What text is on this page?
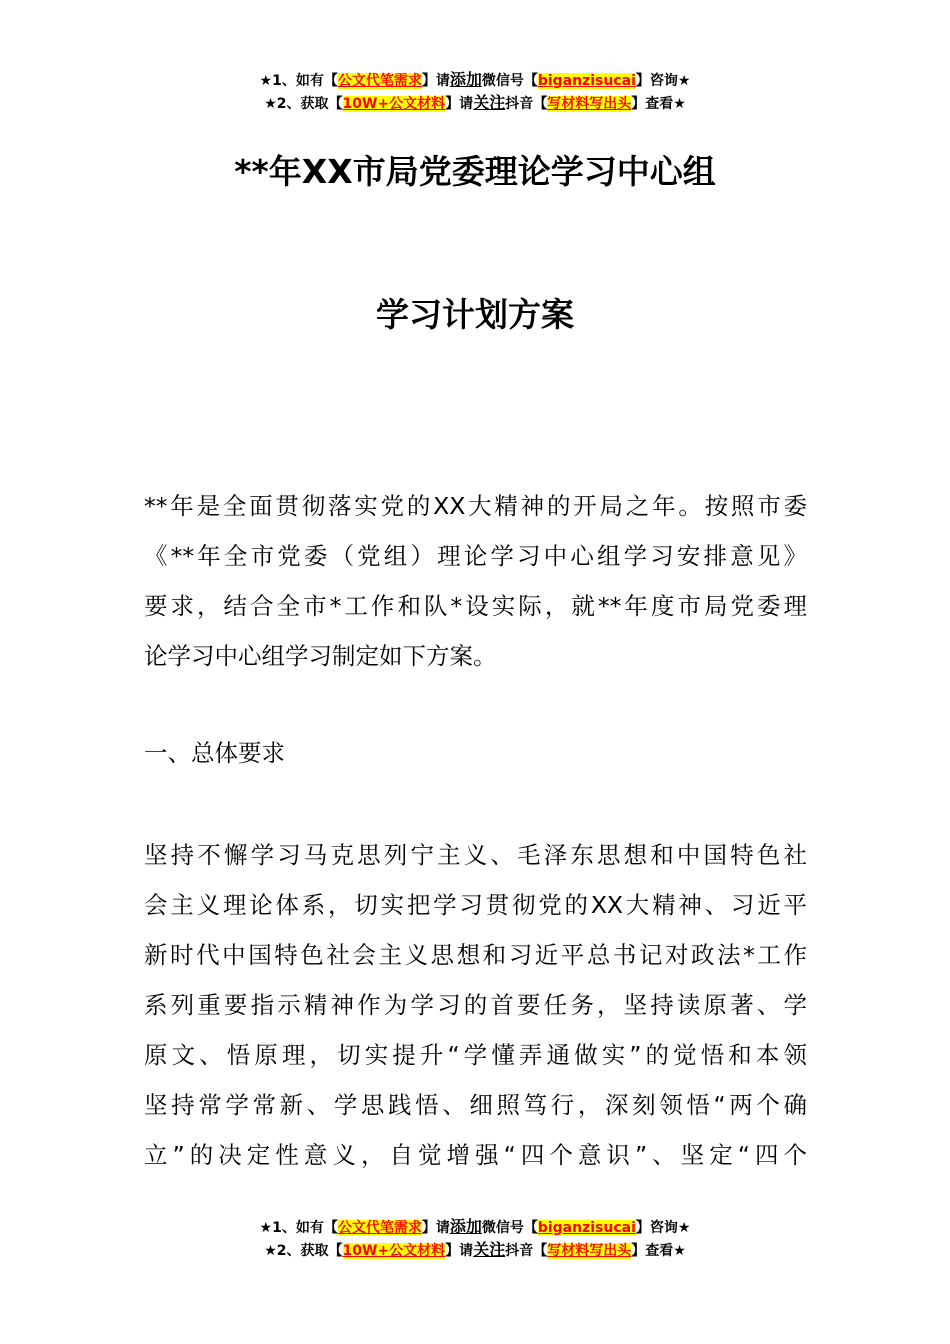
★1、如有【公文代笔需求】请添加微信号【biganzisucai】咨询★
★2、获取【10W+公文材料】请关注抖音【写材料写出头】查看★
**年XX市局党委理论学习中心组
学习计划方案
**年是全面贯彻落实党的XX大精神的开局之年。按照市委
《**年全市党委（党组）理论学习中心组学习安排意见》
要求，结合全市*工作和队*设实际，就**年度市局党委理
论学习中心组学习制定如下方案。
一、总体要求
坚持不懈学习马克思列宁主义、毛泽东思想和中国特色社
会主义理论体系，切实把学习贯彻党的XX大精神、习近平
新时代中国特色社会主义思想和习近平总书记对政法*工作
系列重要指示精神作为学习的首要任务，坚持读原著、学
原文、悟原理，切实提升“学懂弄通做实”的觉悟和本领
坚持常学常新、学思践悟、细照笃行，深刻领悟“两个确
立”的决定性意义，自觉增强“四个意识”、坚定“四个
★1、如有【公文代笔需求】请添加微信号【biganzisucai】咨询★
★2、获取【10W+公文材料】请关注抖音【写材料写出头】查看★
